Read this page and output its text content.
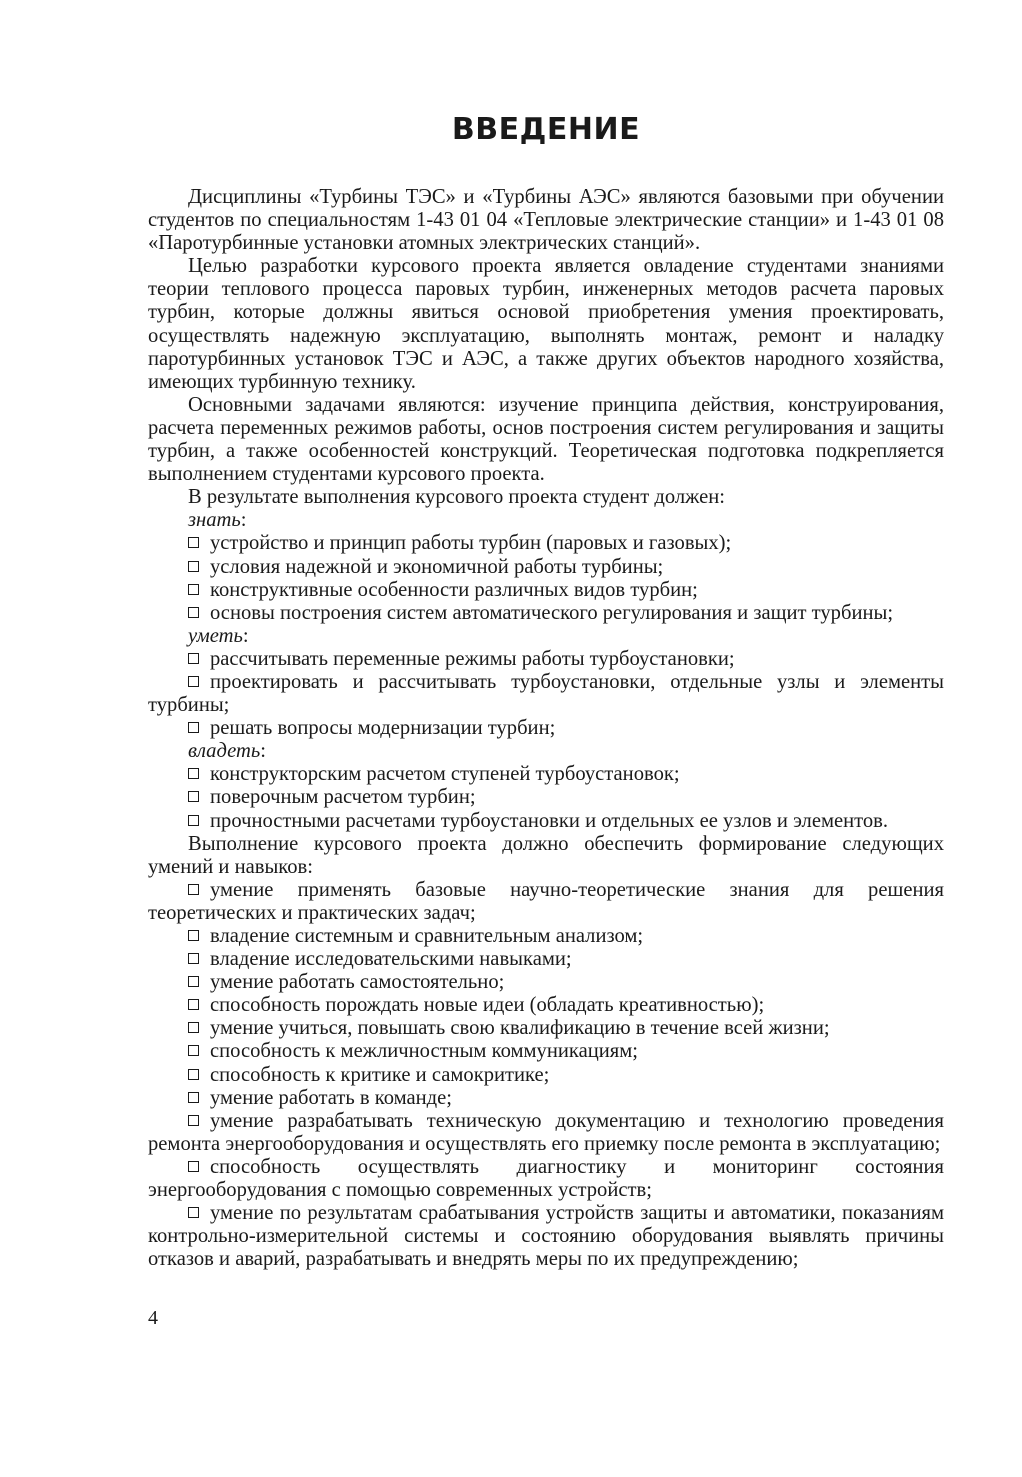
ВВЕДЕНИЕ

Дисциплины «Турбины ТЭС» и «Турбины АЭС» являются базовыми при обучении студентов по специальностям 1-43 01 04 «Тепловые электрические станции» и 1-43 01 08 «Паротурбинные установки атомных электрических станций».

Целью разработки курсового проекта является овладение студентами знаниями теории теплового процесса паровых турбин, инженерных методов расчета паровых турбин, которые должны явиться основой приобретения умения проектировать, осуществлять надежную эксплуатацию, выполнять монтаж, ремонт и наладку паротурбинных установок ТЭС и АЭС, а также других объектов народного хозяйства, имеющих турбинную технику.

Основными задачами являются: изучение принципа действия, конструирования, расчета переменных режимов работы, основ построения систем регулирования и защиты турбин, а также особенностей конструкций. Теоретическая подготовка подкрепляется выполнением студентами курсового проекта.

В результате выполнения курсового проекта студент должен:

знать:

устройство и принцип работы турбин (паровых и газовых);

условия надежной и экономичной работы турбины;

конструктивные особенности различных видов турбин;

основы построения систем автоматического регулирования и защит турбины;

уметь:

рассчитывать переменные режимы работы турбоустановки;

проектировать и рассчитывать турбоустановки, отдельные узлы и элементы турбины;

решать вопросы модернизации турбин;

владеть:

конструкторским расчетом ступеней турбоустановок;

поверочным расчетом турбин;

прочностными расчетами турбоустановки и отдельных ее узлов и элементов.

Выполнение курсового проекта должно обеспечить формирование следующих умений и навыков:

умение применять базовые научно-теоретические знания для решения теоретических и практических задач;

владение системным и сравнительным анализом;

владение исследовательскими навыками;

умение работать самостоятельно;

способность порождать новые идеи (обладать креативностью);

умение учиться, повышать свою квалификацию в течение всей жизни;

способность к межличностным коммуникациям;

способность к критике и самокритике;

умение работать в команде;

умение разрабатывать техническую документацию и технологию проведения ремонта энергооборудования и осуществлять его приемку после ремонта в эксплуатацию;

способность осуществлять диагностику и мониторинг состояния энергооборудования с помощью современных устройств;

умение по результатам срабатывания устройств защиты и автоматики, показаниям контрольно-измерительной системы и состоянию оборудования выявлять причины отказов и аварий, разрабатывать и внедрять меры по их предупреждению;

4
